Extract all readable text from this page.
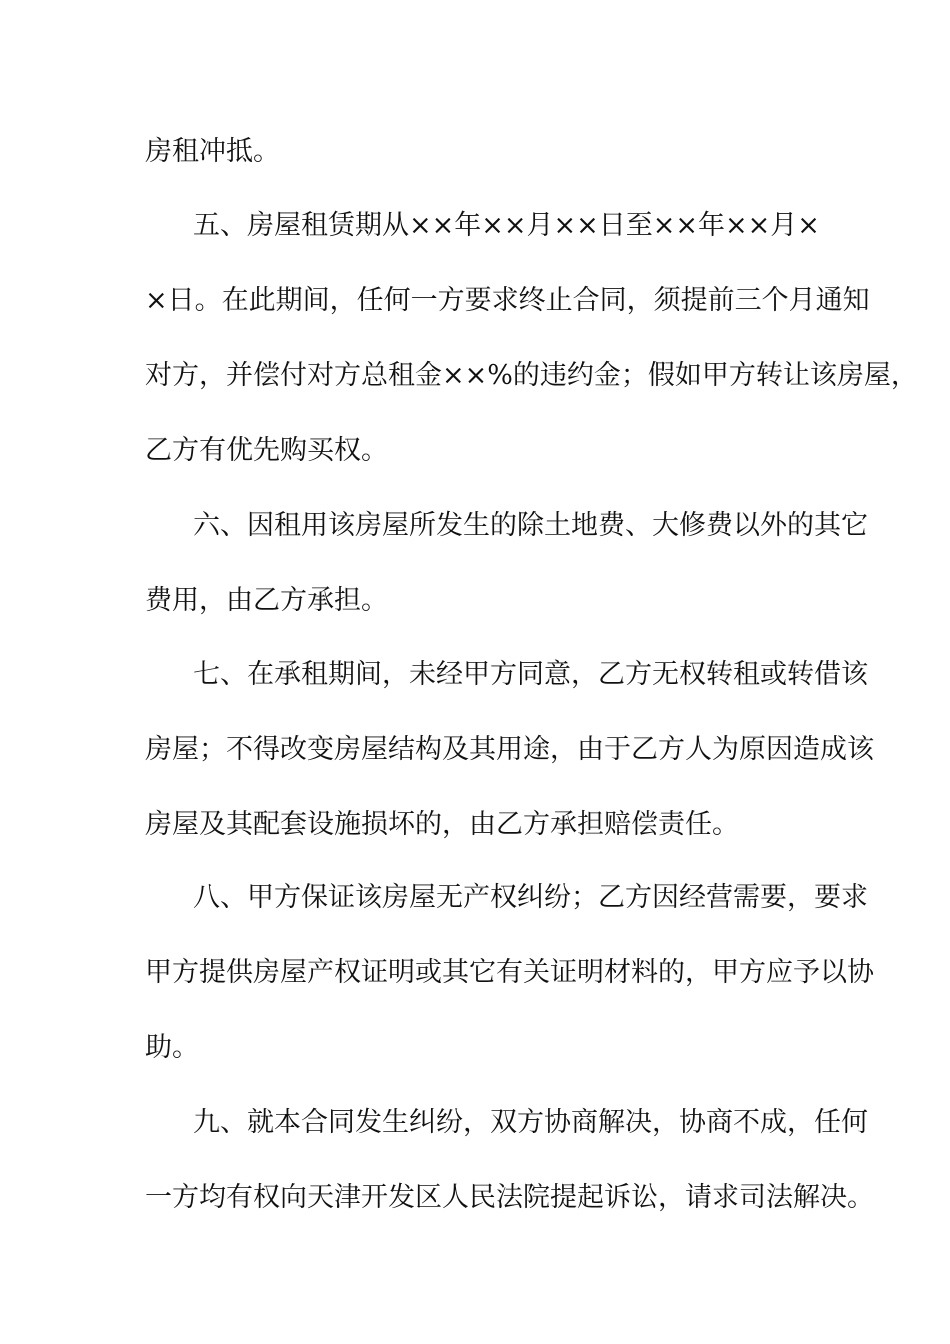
房租冲抵。
五、房屋租赁期从××年××月××日至××年××月×
×日。在此期间，任何一方要求终止合同，须提前三个月通知
对方，并偿付对方总租金××%的违约金；假如甲方转让该房屋，
乙方有优先购买权。
六、因租用该房屋所发生的除土地费、大修费以外的其它
费用，由乙方承担。
七、在承租期间，未经甲方同意，乙方无权转租或转借该
房屋；不得改变房屋结构及其用途，由于乙方人为原因造成该
房屋及其配套设施损坏的，由乙方承担赔偿责任。
八、甲方保证该房屋无产权纠纷；乙方因经营需要，要求
甲方提供房屋产权证明或其它有关证明材料的，甲方应予以协
助。
九、就本合同发生纠纷，双方协商解决，协商不成，任何
一方均有权向天津开发区人民法院提起诉讼，请求司法解决。
